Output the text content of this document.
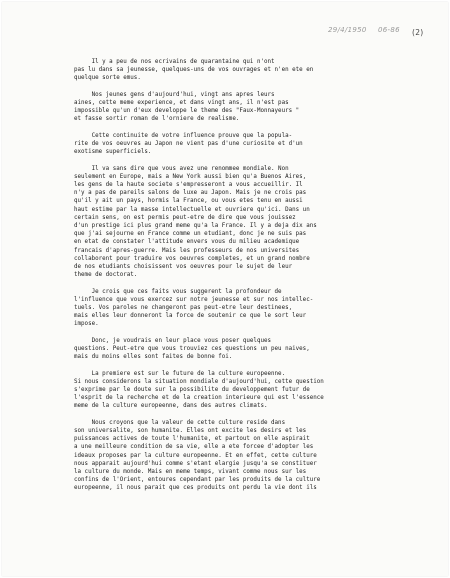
29/4/1950 06-86 (2)
Il y a peu de nos ecrivains de quarantaine qui n'ont
pas lu dans sa jeunesse, quelques-uns de vos ouvrages et n'en ete en
quelque sorte emus.
Nos jeunes gens d'aujourd'hui, vingt ans apres leurs
aines, cette meme experience, et dans vingt ans, il n'est pas
impossible qu'un d'eux developpe le theme des "Faux-Monnayeurs "
et fasse sortir roman de l'orniere de realisme.
Cette continuite de votre influence prouve que la popula-
rite de vos oeuvres au Japon ne vient pas d'une curiosite et d'un
exotisme superficiels.
Il va sans dire que vous avez une renommee mondiale. Non
seulement en Europe, mais a New York aussi bien qu'a Buenos Aires,
les gens de la haute societe s'empresseront a vous accueillir. Il
n'y a pas de pareils salons de luxe au Japon. Mais je ne crois pas
qu'il y ait un pays, hormis la France, ou vous etes tenu en aussi
haut estime par la masse intellectuelle et ouvriere qu'ici. Dans un
certain sens, on est permis peut-etre de dire que vous jouissez
d'un prestige ici plus grand meme qu'a la France. Il y a deja dix ans
que j'ai sejourne en France comme un etudiant, donc je ne suis pas
en etat de constater l'attitude envers vous du milieu academique
francais d'apres-guerre. Mais les professeurs de nos universites
collaborent pour traduire vos oeuvres completes, et un grand nombre
de nos etudiants choisissent vos oeuvres pour le sujet de leur
theme de doctorat.
Je crois que ces faits vous suggerent la profondeur de
l'influence que vous exercez sur notre jeunesse et sur nos intellec-
tuels. Vos paroles ne changeront pas peut-etre leur destinees,
mais elles leur donneront la force de soutenir ce que le sort leur
impose.
Donc, je voudrais en leur place vous poser quelques
questions. Peut-etre que vous trouviez ces questions un peu naives,
mais du moins elles sont faites de bonne foi.
La premiere est sur le future de la culture europeenne.
Si nous considerons la situation mondiale d'aujourd'hui, cette question
s'exprime par le doute sur la possibilite du developpement futur de
l'esprit de la recherche et de la creation interieure qui est l'essence
meme de la culture europeenne, dans des autres climats.
Nous croyons que la valeur de cette culture reside dans
son universalite, son humanite. Elles ont excite les desirs et les
puissances actives de toute l'humanite, et partout on elle aspirait
a une meilleure condition de sa vie, elle a ete forcee d'adopter les
ideaux proposes par la culture europeenne. Et en effet, cette culture
nous apparait aujourd'hui comme s'etant elargie jusqu'a se constituer
la culture du monde. Mais en meme temps, vivant comme nous sur les
confins de l'Orient, entoures cependant par les produits de la culture
europeenne, il nous parait que ces produits ont perdu la vie dont ils
